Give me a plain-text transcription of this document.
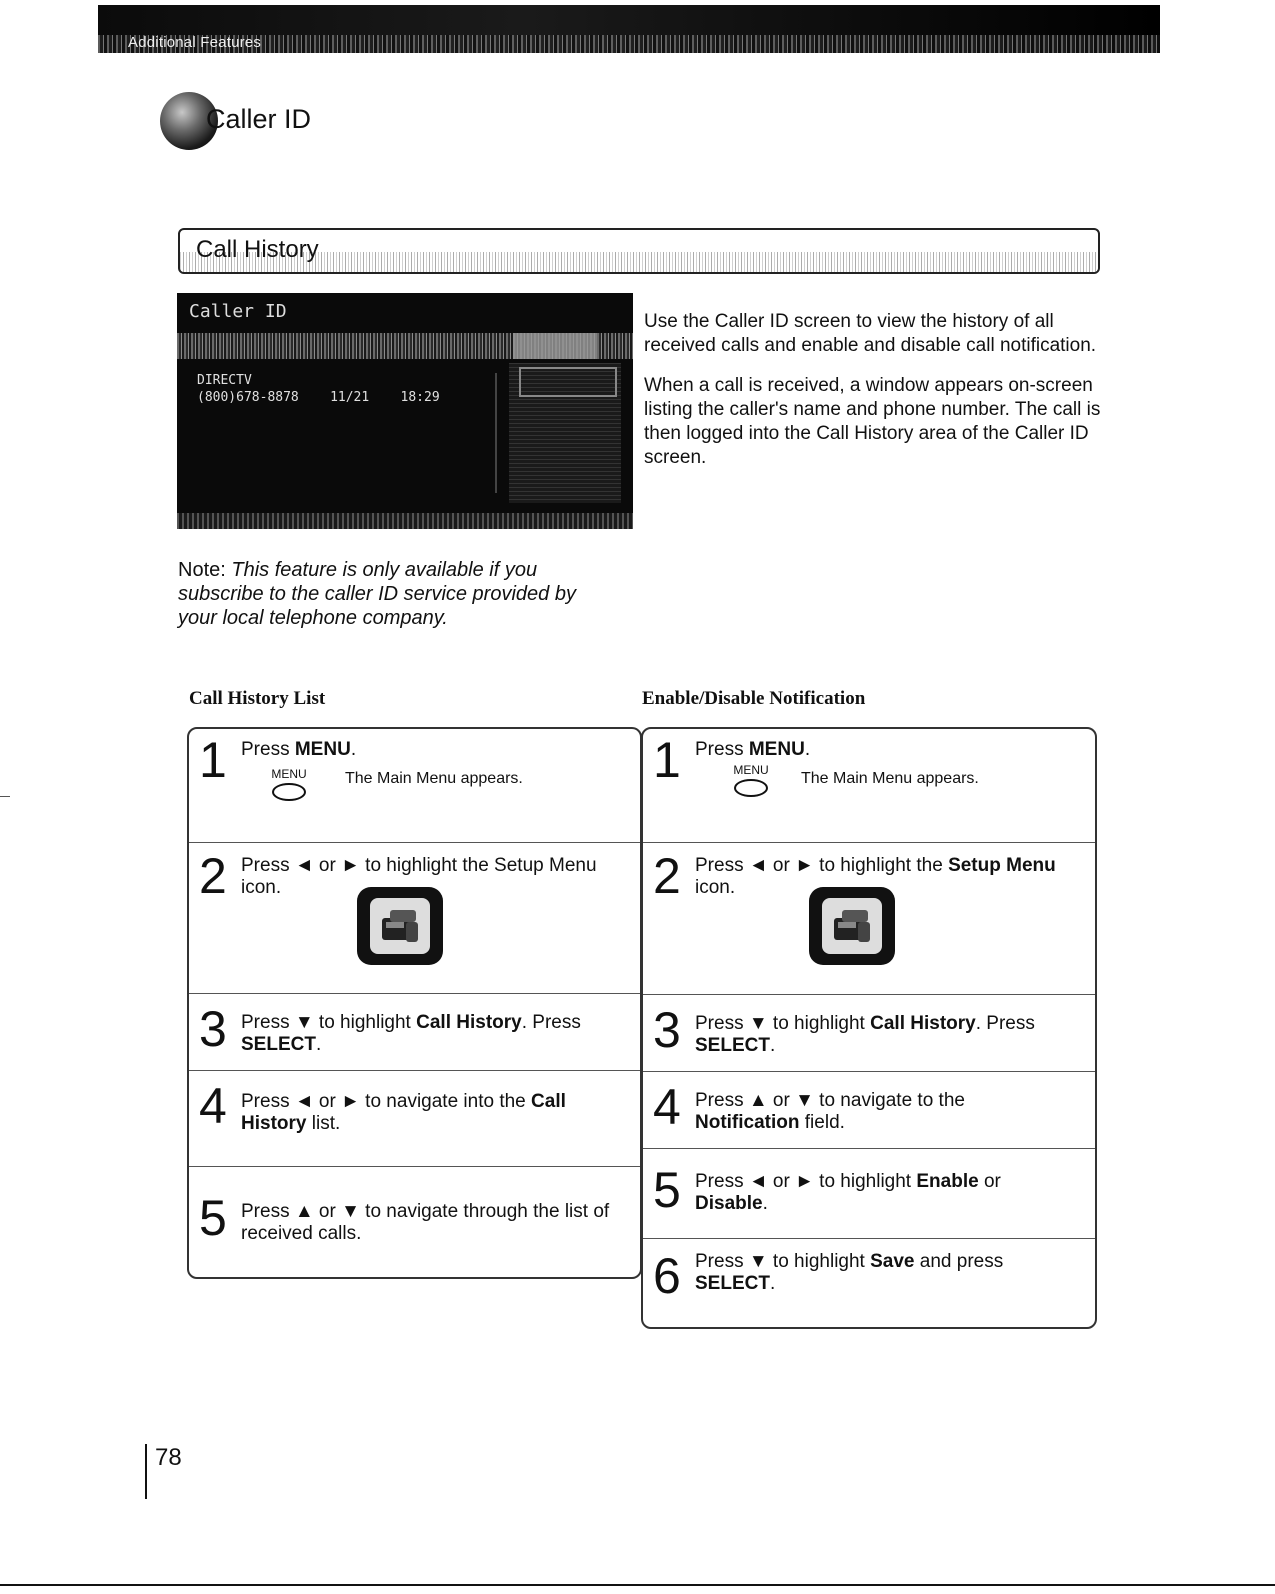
Additional Features
Caller ID
Call History
Caller ID
DIRECTV
(800)678-8878 11/21 18:29

Use the Caller ID screen to view the history of all received calls and enable and disable call notification.

When a call is received, a window appears on-screen listing the caller's name and phone number. The call is then logged into the Call History area of the Caller ID screen.

Note: This feature is only available if you subscribe to the caller ID service provided by your local telephone company.
Call History List	Enable/Disable Notification
1 Press MENU.
MENU The Main Menu appears.
2 Press ◄ or ► to highlight the Setup Menu
icon.
3 Press ▼ to highlight Call History. Press
SELECT.
4 Press ◄ or ► to navigate into the Call
History list.
5 Press ▲ or ▼ to navigate through the list of
received calls.
1 Press MENU.
MENU The Main Menu appears.
2 Press ◄ or ► to highlight the Setup Menu
icon.
3 Press ▼ to highlight Call History. Press
SELECT.
4 Press ▲ or ▼ to navigate to the
Notification field.
5 Press ◄ or ► to highlight Enable or
Disable.
6 Press ▼ to highlight Save and press
SELECT.
78
